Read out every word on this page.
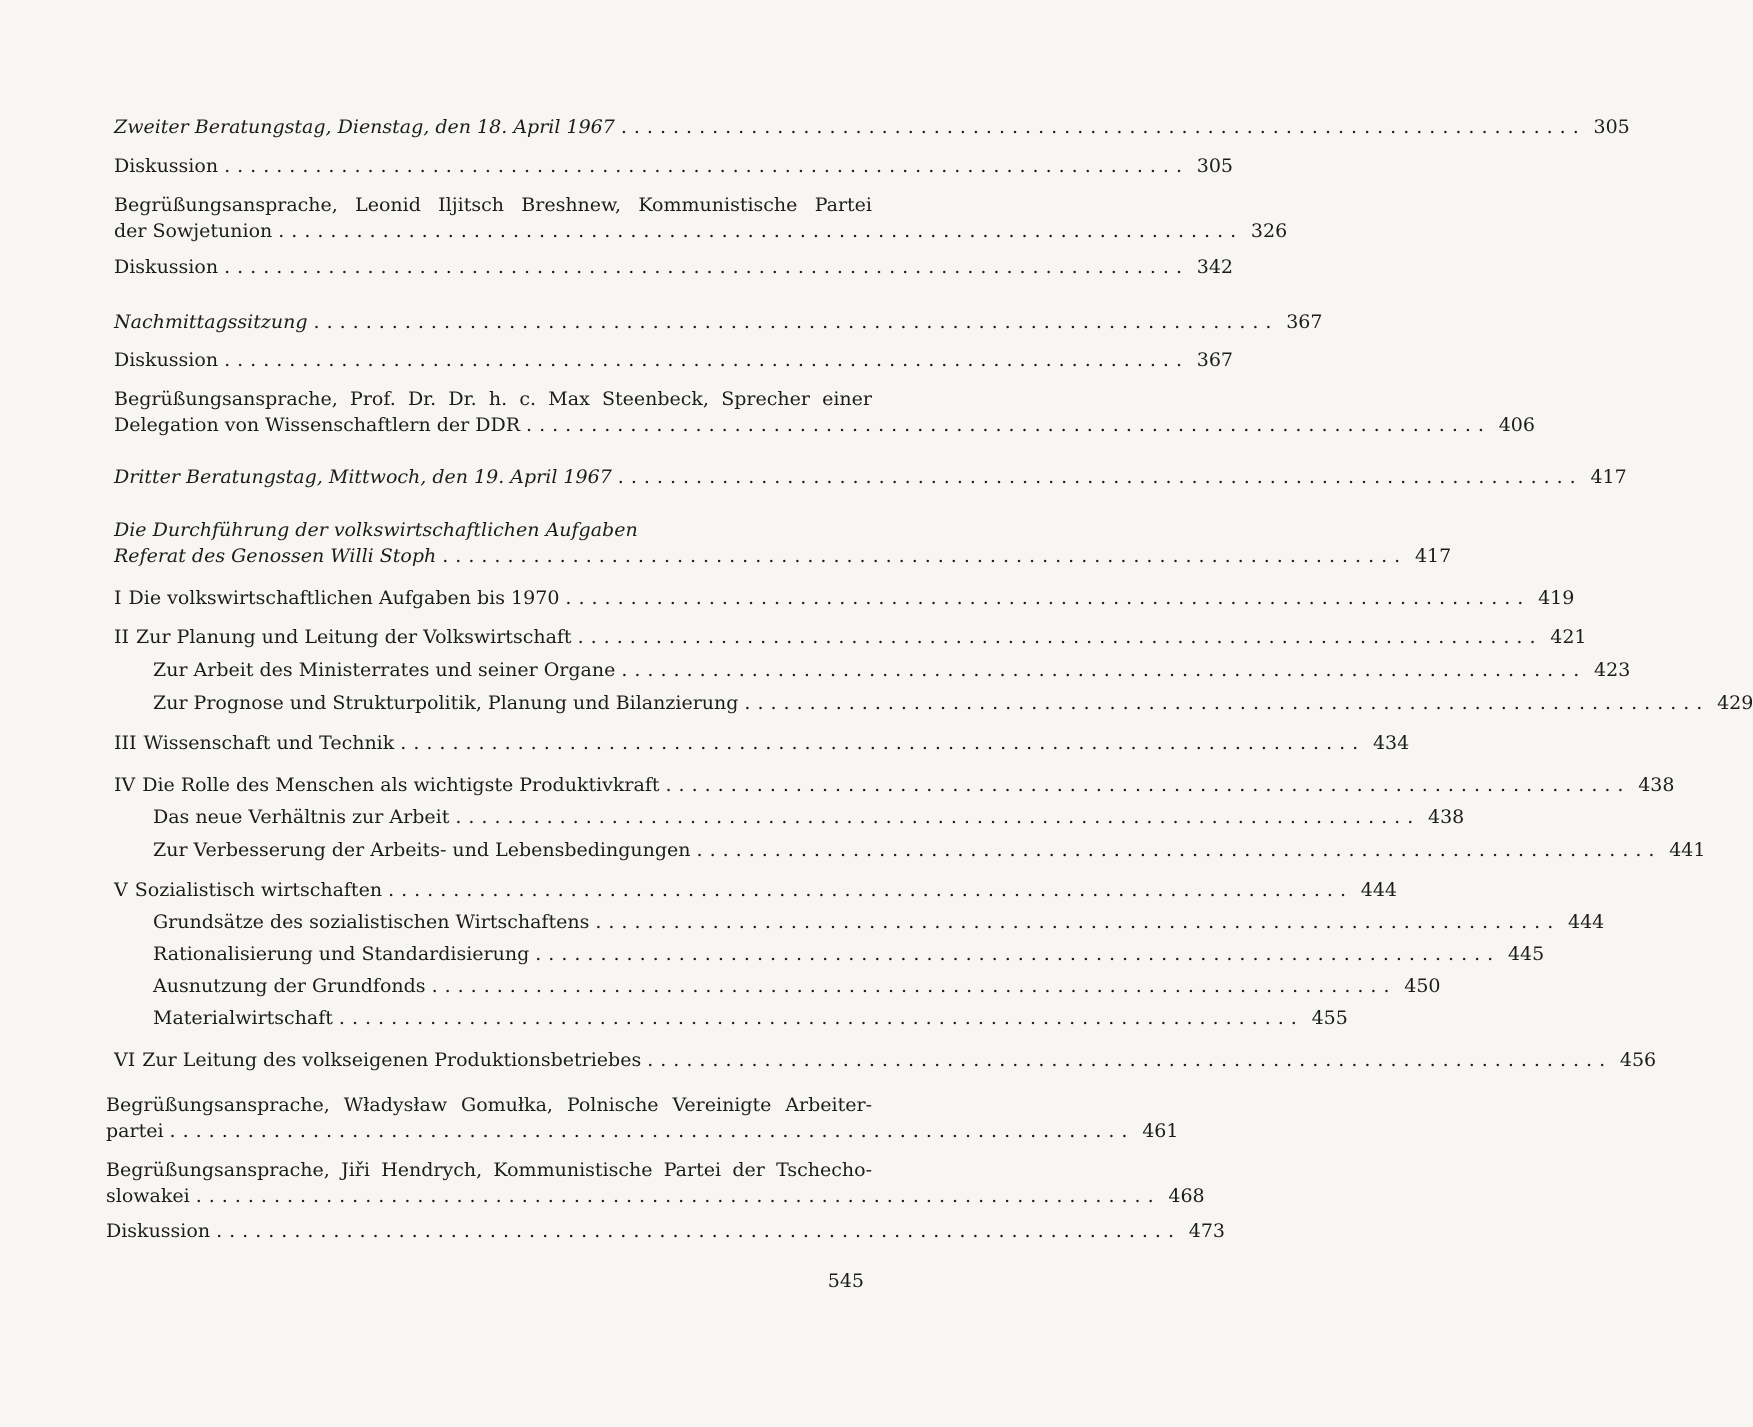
Zweiter Beratungstag, Dienstag, den 18. April 1967 .......................................................................... 305
Diskussion .......................................................................... 305
Begrüßungsansprache, Leonid Iljitsch Breshnew, Kommunistische Partei
der Sowjetunion .......................................................................... 326
Diskussion .......................................................................... 342
Nachmittagssitzung .......................................................................... 367
Diskussion .......................................................................... 367
Begrüßungsansprache, Prof. Dr. Dr. h. c. Max Steenbeck, Sprecher einer
Delegation von Wissenschaftlern der DDR .......................................................................... 406
Dritter Beratungstag, Mittwoch, den 19. April 1967 .......................................................................... 417
Die Durchführung der volkswirtschaftlichen Aufgaben
Referat des Genossen Willi Stoph .......................................................................... 417
I Die volkswirtschaftlichen Aufgaben bis 1970 .......................................................................... 419
II Zur Planung und Leitung der Volkswirtschaft .......................................................................... 421
Zur Arbeit des Ministerrates und seiner Organe .......................................................................... 423
Zur Prognose und Strukturpolitik, Planung und Bilanzierung .......................................................................... 429
III Wissenschaft und Technik .......................................................................... 434
IV Die Rolle des Menschen als wichtigste Produktivkraft .......................................................................... 438
Das neue Verhältnis zur Arbeit .......................................................................... 438
Zur Verbesserung der Arbeits- und Lebensbedingungen .......................................................................... 441
V Sozialistisch wirtschaften .......................................................................... 444
Grundsätze des sozialistischen Wirtschaftens .......................................................................... 444
Rationalisierung und Standardisierung .......................................................................... 445
Ausnutzung der Grundfonds .......................................................................... 450
Materialwirtschaft .......................................................................... 455
VI Zur Leitung des volkseigenen Produktionsbetriebes .......................................................................... 456
Begrüßungsansprache, Władysław Gomułka, Polnische Vereinigte Arbeiter-
partei .......................................................................... 461
Begrüßungsansprache, Jiři Hendrych, Kommunistische Partei der Tschecho-
slowakei .......................................................................... 468
Diskussion .......................................................................... 473
545
